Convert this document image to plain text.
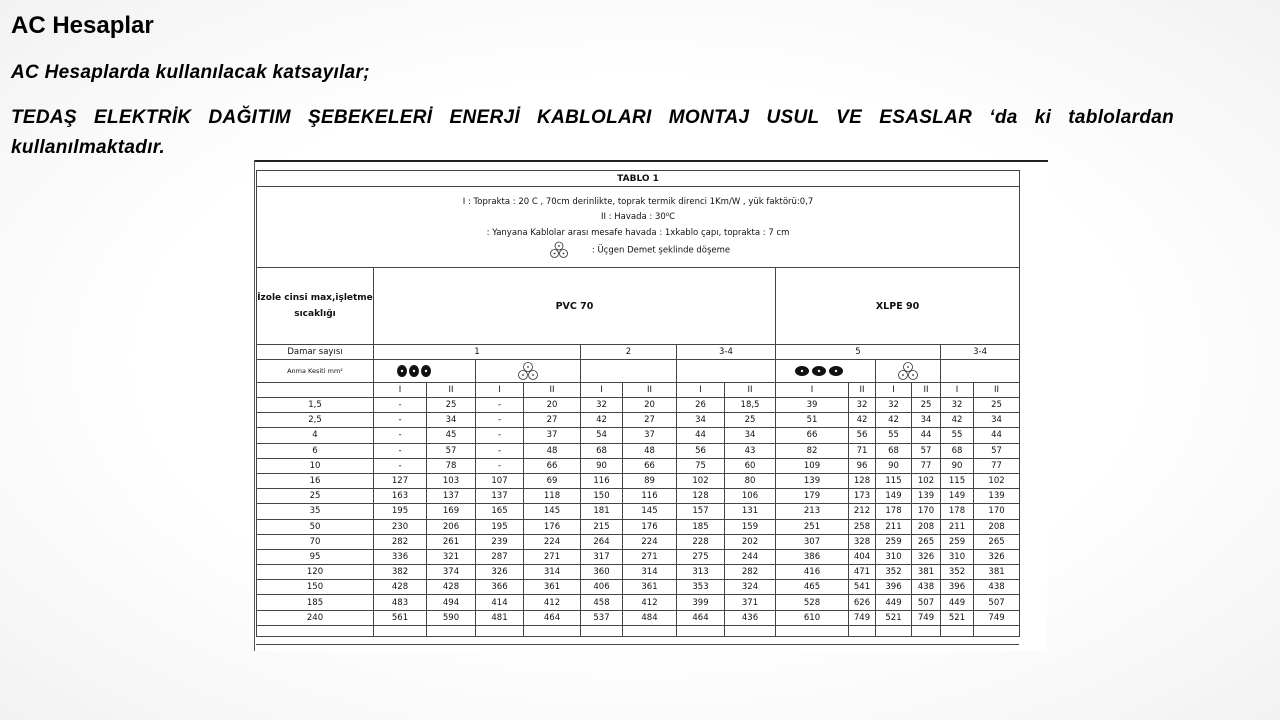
AC Hesaplar
AC Hesaplarda kullanılacak katsayılar;
TEDAŞ ELEKTRİK DAĞITIM ŞEBEKELERİ ENERJİ KABLOLARI MONTAJ USUL VE ESASLAR ‘da ki tablolardan kullanılmaktadır.
TABLO 1														

I : Toprakta : 20 C , 70cm derinlikte, toprak termik direnci 1Km/W , yük faktörü:0,7
II : Havada : 30⁰C
: Yanyana Kablolar arası mesafe havada : 1xkablo çapı, toprakta : 7 cm
: Üçgen Demet şeklinde döşeme														

İzole cinsi max,işletme sıcaklığı	PVC 70								XLPE 90					
Damar sayısı	1				2		3-4		5				3-4	
Anma Kesiti mm²	

	I	II	I	II	I	II	I	II	I	II	I	II	I	II
1,5	-	25	-	20	32	20	26	18,5	39	32	32	25	32	25
2,5	-	34	-	27	42	27	34	25	51	42	42	34	42	34
4	-	45	-	37	54	37	44	34	66	56	55	44	55	44
6	-	57	-	48	68	48	56	43	82	71	68	57	68	57
10	-	78	-	66	90	66	75	60	109	96	90	77	90	77
16	127	103	107	69	116	89	102	80	139	128	115	102	115	102
25	163	137	137	118	150	116	128	106	179	173	149	139	149	139
35	195	169	165	145	181	145	157	131	213	212	178	170	178	170
50	230	206	195	176	215	176	185	159	251	258	211	208	211	208
70	282	261	239	224	264	224	228	202	307	328	259	265	259	265
95	336	321	287	271	317	271	275	244	386	404	310	326	310	326
120	382	374	326	314	360	314	313	282	416	471	352	381	352	381
150	428	428	366	361	406	361	353	324	465	541	396	438	396	438
185	483	494	414	412	458	412	399	371	528	626	449	507	449	507
240	561	590	481	464	537	484	464	436	610	749	521	749	521	749
